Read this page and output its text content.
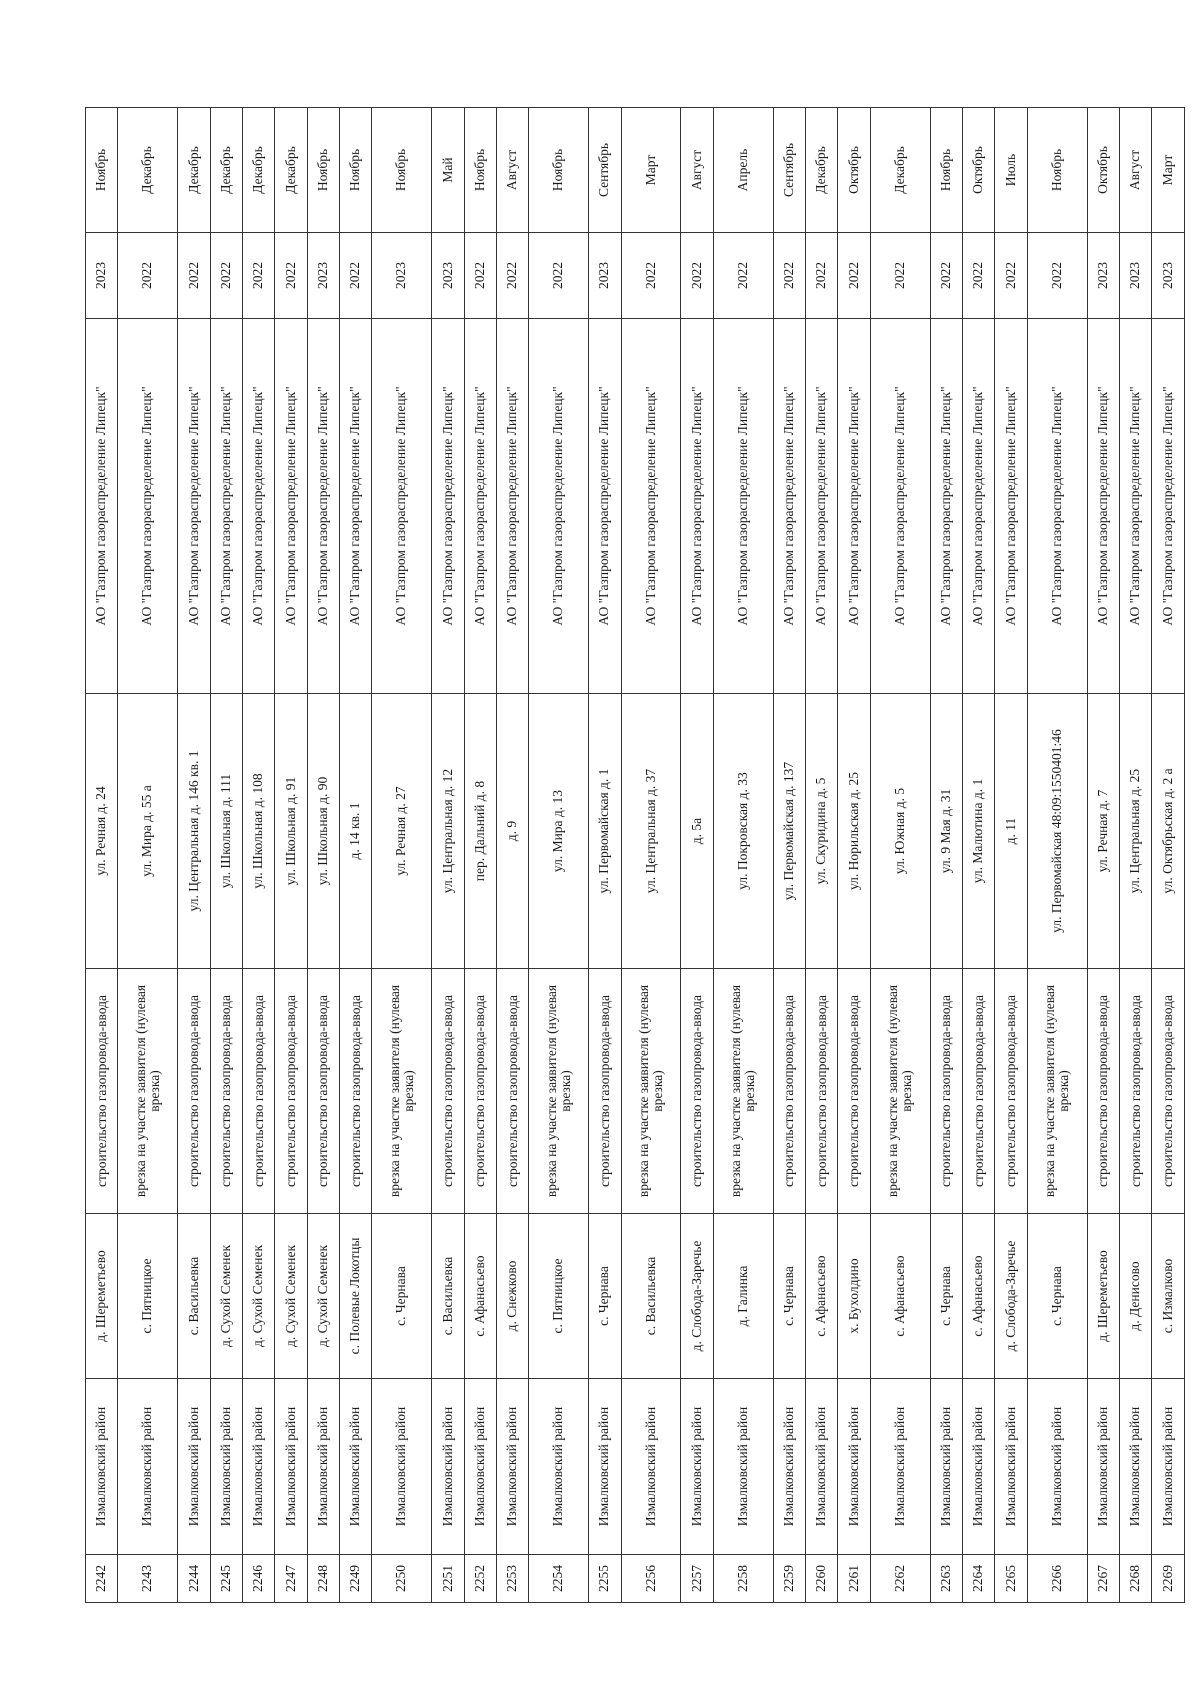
2242	Измалковский район	д. Шереметьево	строительство газопровода-ввода	ул. Речная д. 24	АО "Газпром газораспределение Липецк"	2023	Ноябрь
2243	Измалковский район	с. Пятницкое	врезка на участке заявителя (нулевая врезка)	ул. Мира д. 55 а	АО "Газпром газораспределение Липецк"	2022	Декабрь
2244	Измалковский район	с. Васильевка	строительство газопровода-ввода	ул. Центральная д. 146 кв. 1	АО "Газпром газораспределение Липецк"	2022	Декабрь
2245	Измалковский район	д. Сухой Семенек	строительство газопровода-ввода	ул. Школьная д. 111	АО "Газпром газораспределение Липецк"	2022	Декабрь
2246	Измалковский район	д. Сухой Семенек	строительство газопровода-ввода	ул. Школьная д. 108	АО "Газпром газораспределение Липецк"	2022	Декабрь
2247	Измалковский район	д. Сухой Семенек	строительство газопровода-ввода	ул. Школьная д. 91	АО "Газпром газораспределение Липецк"	2022	Декабрь
2248	Измалковский район	д. Сухой Семенек	строительство газопровода-ввода	ул. Школьная д. 90	АО "Газпром газораспределение Липецк"	2023	Ноябрь
2249	Измалковский район	с. Полевые Локотцы	строительство газопровода-ввода	д. 14 кв. 1	АО "Газпром газораспределение Липецк"	2022	Ноябрь
2250	Измалковский район	с. Чернава	врезка на участке заявителя (нулевая врезка)	ул. Речная д. 27	АО "Газпром газораспределение Липецк"	2023	Ноябрь
2251	Измалковский район	с. Васильевка	строительство газопровода-ввода	ул. Центральная д. 12	АО "Газпром газораспределение Липецк"	2023	Май
2252	Измалковский район	с. Афанасьево	строительство газопровода-ввода	пер. Дальний д. 8	АО "Газпром газораспределение Липецк"	2022	Ноябрь
2253	Измалковский район	д. Снежково	строительство газопровода-ввода	д. 9	АО "Газпром газораспределение Липецк"	2022	Август
2254	Измалковский район	с. Пятницкое	врезка на участке заявителя (нулевая врезка)	ул. Мира д. 13	АО "Газпром газораспределение Липецк"	2022	Ноябрь
2255	Измалковский район	с. Чернава	строительство газопровода-ввода	ул. Первомайская д. 1	АО "Газпром газораспределение Липецк"	2023	Сентябрь
2256	Измалковский район	с. Васильевка	врезка на участке заявителя (нулевая врезка)	ул. Центральная д. 37	АО "Газпром газораспределение Липецк"	2022	Март
2257	Измалковский район	д. Слобода-Заречье	строительство газопровода-ввода	д. 5а	АО "Газпром газораспределение Липецк"	2022	Август
2258	Измалковский район	д. Галинка	врезка на участке заявителя (нулевая врезка)	ул. Покровская д. 33	АО "Газпром газораспределение Липецк"	2022	Апрель
2259	Измалковский район	с. Чернава	строительство газопровода-ввода	ул. Первомайская д. 137	АО "Газпром газораспределение Липецк"	2022	Сентябрь
2260	Измалковский район	с. Афанасьево	строительство газопровода-ввода	ул. Скуридина д. 5	АО "Газпром газораспределение Липецк"	2022	Декабрь
2261	Измалковский район	х. Бухолдино	строительство газопровода-ввода	ул. Норильская д. 25	АО "Газпром газораспределение Липецк"	2022	Октябрь
2262	Измалковский район	с. Афанасьево	врезка на участке заявителя (нулевая врезка)	ул. Южная д. 5	АО "Газпром газораспределение Липецк"	2022	Декабрь
2263	Измалковский район	с. Чернава	строительство газопровода-ввода	ул. 9 Мая д. 31	АО "Газпром газораспределение Липецк"	2022	Ноябрь
2264	Измалковский район	с. Афанасьево	строительство газопровода-ввода	ул. Малютина д. 1	АО "Газпром газораспределение Липецк"	2022	Октябрь
2265	Измалковский район	д. Слобода-Заречье	строительство газопровода-ввода	д. 11	АО "Газпром газораспределение Липецк"	2022	Июль
2266	Измалковский район	с. Чернава	врезка на участке заявителя (нулевая врезка)	ул. Первомайская 48:09:1550401:46	АО "Газпром газораспределение Липецк"	2022	Ноябрь
2267	Измалковский район	д. Шереметьево	строительство газопровода-ввода	ул. Речная д. 7	АО "Газпром газораспределение Липецк"	2023	Октябрь
2268	Измалковский район	д. Денисово	строительство газопровода-ввода	ул. Центральная д. 25	АО "Газпром газораспределение Липецк"	2023	Август
2269	Измалковский район	с. Измалково	строительство газопровода-ввода	ул. Октябрьская д. 2 а	АО "Газпром газораспределение Липецк"	2023	Март
